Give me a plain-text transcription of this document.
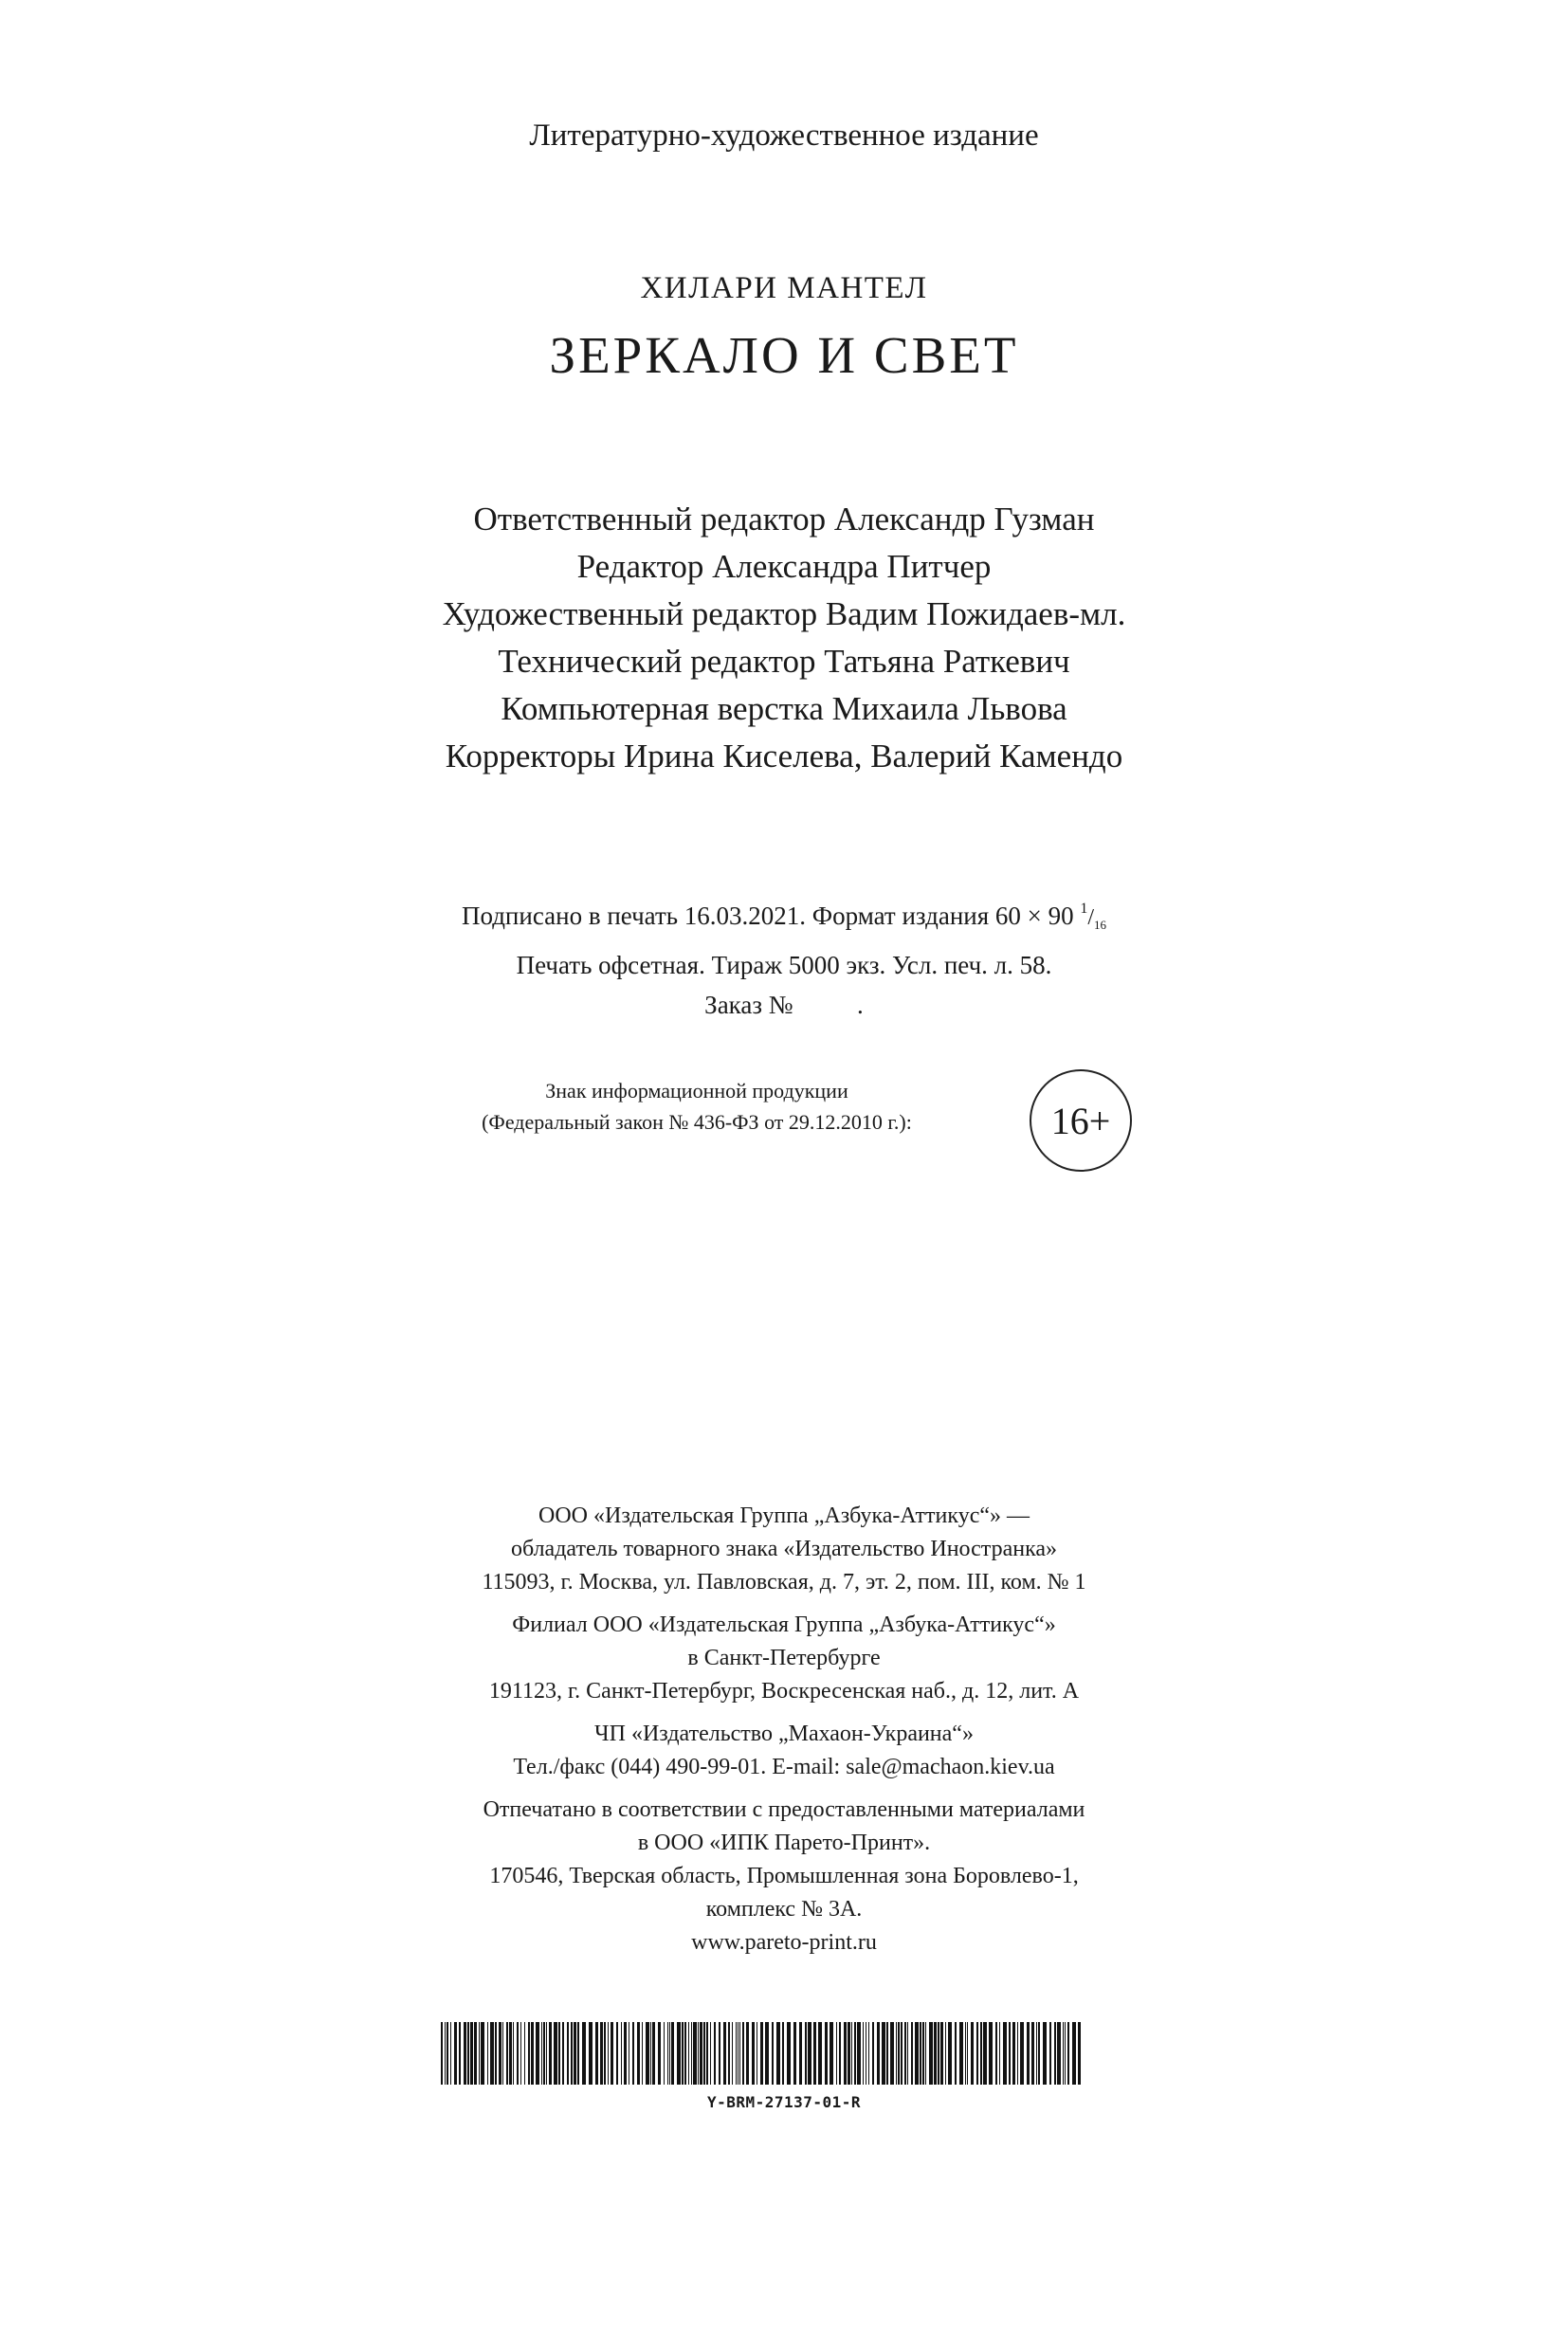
Литературно-художественное издание
ХИЛАРИ МАНТЕЛ
ЗЕРКАЛО И СВЕТ
Ответственный редактор Александр Гузман
Редактор Александра Питчер
Художественный редактор Вадим Пожидаев-мл.
Технический редактор Татьяна Раткевич
Компьютерная верстка Михаила Львова
Корректоры Ирина Киселева, Валерий Камендо
Подписано в печать 16.03.2021. Формат издания 60 × 90 $^1/_{16}$
Печать офсетная. Тираж 5000 экз. Усл. печ. л. 58.
Заказ №          .
Знак информационной продукции
(Федеральный закон № 436-ФЗ от 29.12.2010 г.):	16+
ООО «Издательская Группа „Азбука-Аттикус“» —
обладатель товарного знака «Издательство Иностранка»
115093, г. Москва, ул. Павловская, д. 7, эт. 2, пом. III, ком. № 1
Филиал ООО «Издательская Группа „Азбука-Аттикус“»
в Санкт-Петербурге
191123, г. Санкт-Петербург, Воскресенская наб., д. 12, лит. А
ЧП «Издательство „Махаон-Украина“»
Тел./факс (044) 490-99-01. E-mail: sale@machaon.kiev.ua
Отпечатано в соответствии с предоставленными материалами
в ООО «ИПК Парето-Принт».
170546, Тверская область, Промышленная зона Боровлево-1,
комплекс № 3А.
www.pareto-print.ru
Y-BRM-27137-01-R
